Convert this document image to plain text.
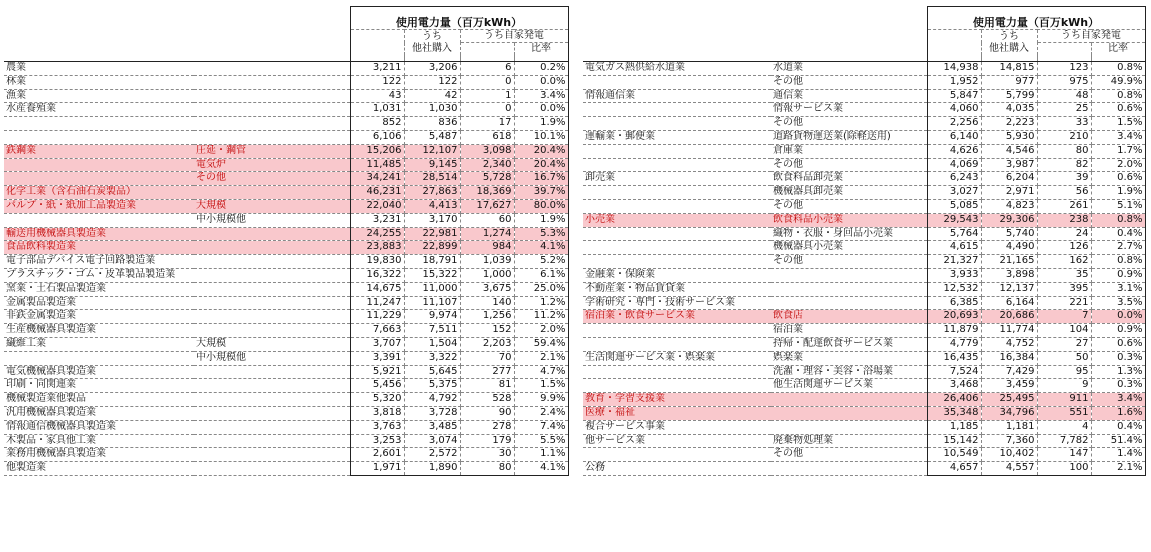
		使用電力量（百万kWh）			

			うち
他社購入	うち自家発電	
					比率

農業		3,211	3,206	6	0.2%
林業		122	122	0	0.0%
漁業		43	42	1	3.4%
水産養殖業		1,031	1,030	0	0.0%
		852	836	17	1.9%
		6,106	5,487	618	10.1%
鉄鋼業	圧延・鋼管	15,206	12,107	3,098	20.4%
	電気炉	11,485	9,145	2,340	20.4%
	その他	34,241	28,514	5,728	16.7%
化学工業（含石油石炭製品）		46,231	27,863	18,369	39.7%
パルプ・紙・紙加工品製造業	大規模	22,040	4,413	17,627	80.0%
	中小規模他	3,231	3,170	60	1.9%
輸送用機械器具製造業		24,255	22,981	1,274	5.3%
食品飲料製造業		23,883	22,899	984	4.1%
電子部品デバイス電子回路製造業		19,830	18,791	1,039	5.2%
プラスチック・ゴム・皮革製品製造業		16,322	15,322	1,000	6.1%
窯業・土石製品製造業		14,675	11,000	3,675	25.0%
金属製品製造業		11,247	11,107	140	1.2%
非鉄金属製造業		11,229	9,974	1,256	11.2%
生産機械器具製造業		7,663	7,511	152	2.0%
繊維工業	大規模	3,707	1,504	2,203	59.4%
	中小規模他	3,391	3,322	70	2.1%
電気機械器具製造業		5,921	5,645	277	4.7%
印刷・同関連業		5,456	5,375	81	1.5%
機械製造業他製品		5,320	4,792	528	9.9%
汎用機械器具製造業		3,818	3,728	90	2.4%
情報通信機械器具製造業		3,763	3,485	278	7.4%
木製品・家具他工業		3,253	3,074	179	5.5%
業務用機械器具製造業		2,601	2,572	30	1.1%
他製造業		1,971	1,890	80	4.1%
		使用電力量（百万kWh）			

			うち
他社購入	うち自家発電	
					比率

電気ガス熱供給水道業	水道業	14,938	14,815	123	0.8%
	その他	1,952	977	975	49.9%
情報通信業	通信業	5,847	5,799	48	0.8%
	情報サービス業	4,060	4,035	25	0.6%
	その他	2,256	2,223	33	1.5%
運輸業・郵便業	道路貨物運送業(除軽送用)	6,140	5,930	210	3.4%
	倉庫業	4,626	4,546	80	1.7%
	その他	4,069	3,987	82	2.0%
卸売業	飲食料品卸売業	6,243	6,204	39	0.6%
	機械器具卸売業	3,027	2,971	56	1.9%
	その他	5,085	4,823	261	5.1%
小売業	飲食料品小売業	29,543	29,306	238	0.8%
	織物・衣服・身回品小売業	5,764	5,740	24	0.4%
	機械器具小売業	4,615	4,490	126	2.7%
	その他	21,327	21,165	162	0.8%
金融業・保険業		3,933	3,898	35	0.9%
不動産業・物品賃貸業		12,532	12,137	395	3.1%
学術研究・専門・技術サービス業		6,385	6,164	221	3.5%
宿泊業・飲食サービス業	飲食店	20,693	20,686	7	0.0%
	宿泊業	11,879	11,774	104	0.9%
	持帰・配達飲食サービス業	4,779	4,752	27	0.6%
生活関連サービス業・娯楽業	娯楽業	16,435	16,384	50	0.3%
	洗濯・理容・美容・浴場業	7,524	7,429	95	1.3%
	他生活関連サービス業	3,468	3,459	9	0.3%
教育・学習支援業		26,406	25,495	911	3.4%
医療・福祉		35,348	34,796	551	1.6%
複合サービス事業		1,185	1,181	4	0.4%
他サービス業	廃棄物処理業	15,142	7,360	7,782	51.4%
	その他	10,549	10,402	147	1.4%
公務		4,657	4,557	100	2.1%
